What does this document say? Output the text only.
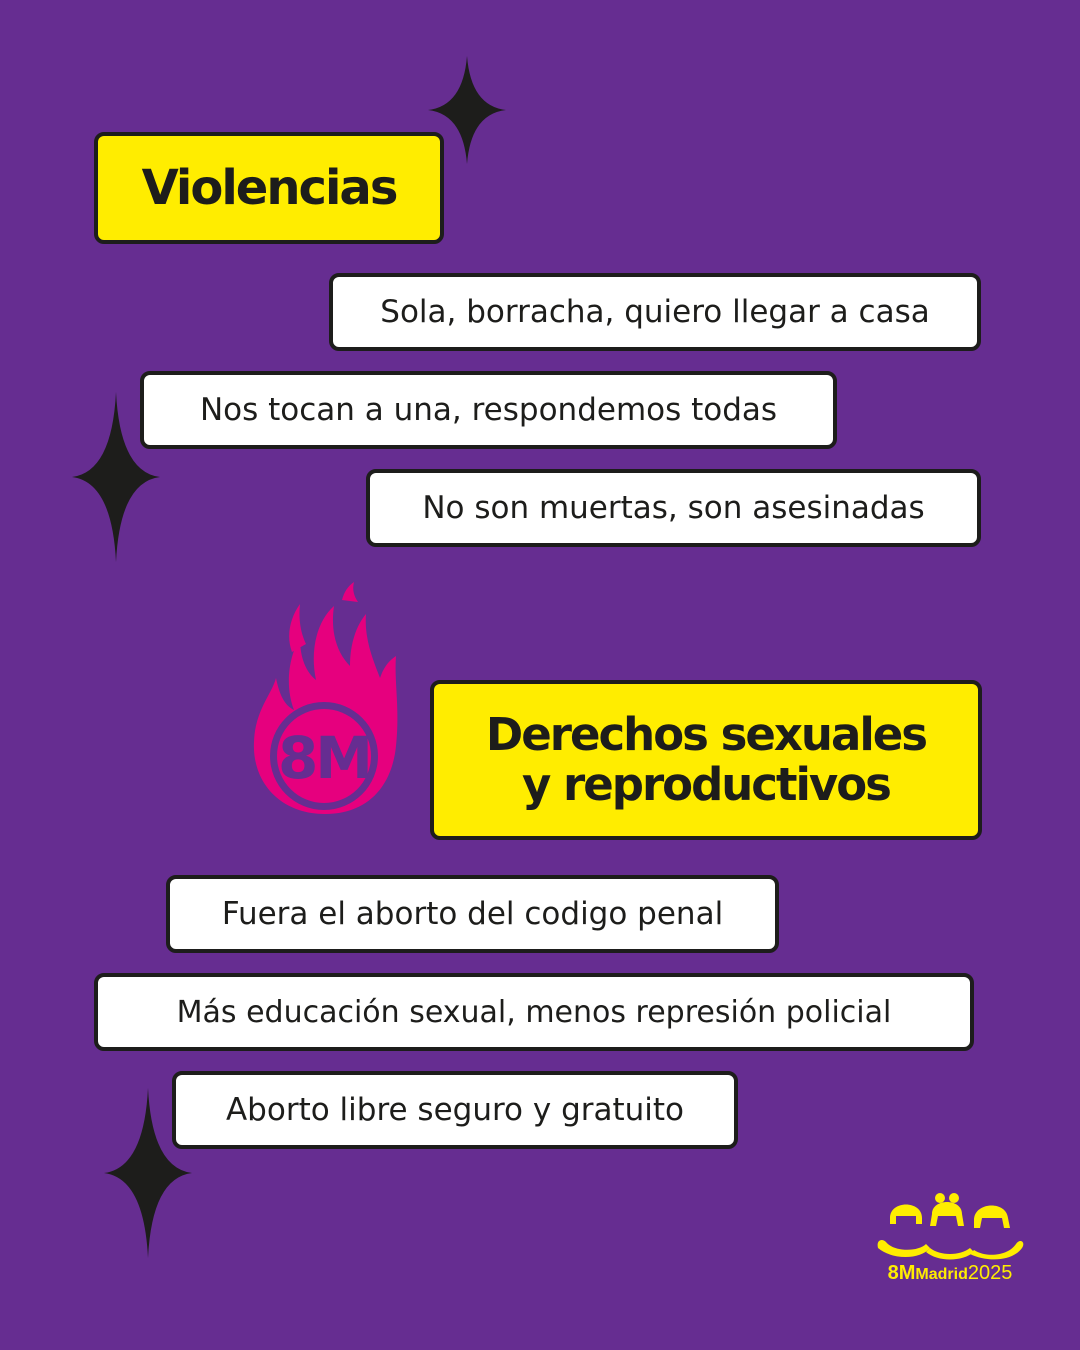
Violencias
Sola, borracha, quiero llegar a casa
Nos tocan a una, respondemos todas
No son muertas, son asesinadas
8M	Derechos sexuales
y reproductivos
Fuera el aborto del codigo penal
Más educación sexual, menos represión policial
Aborto libre seguro y gratuito
8MMadrid2025
